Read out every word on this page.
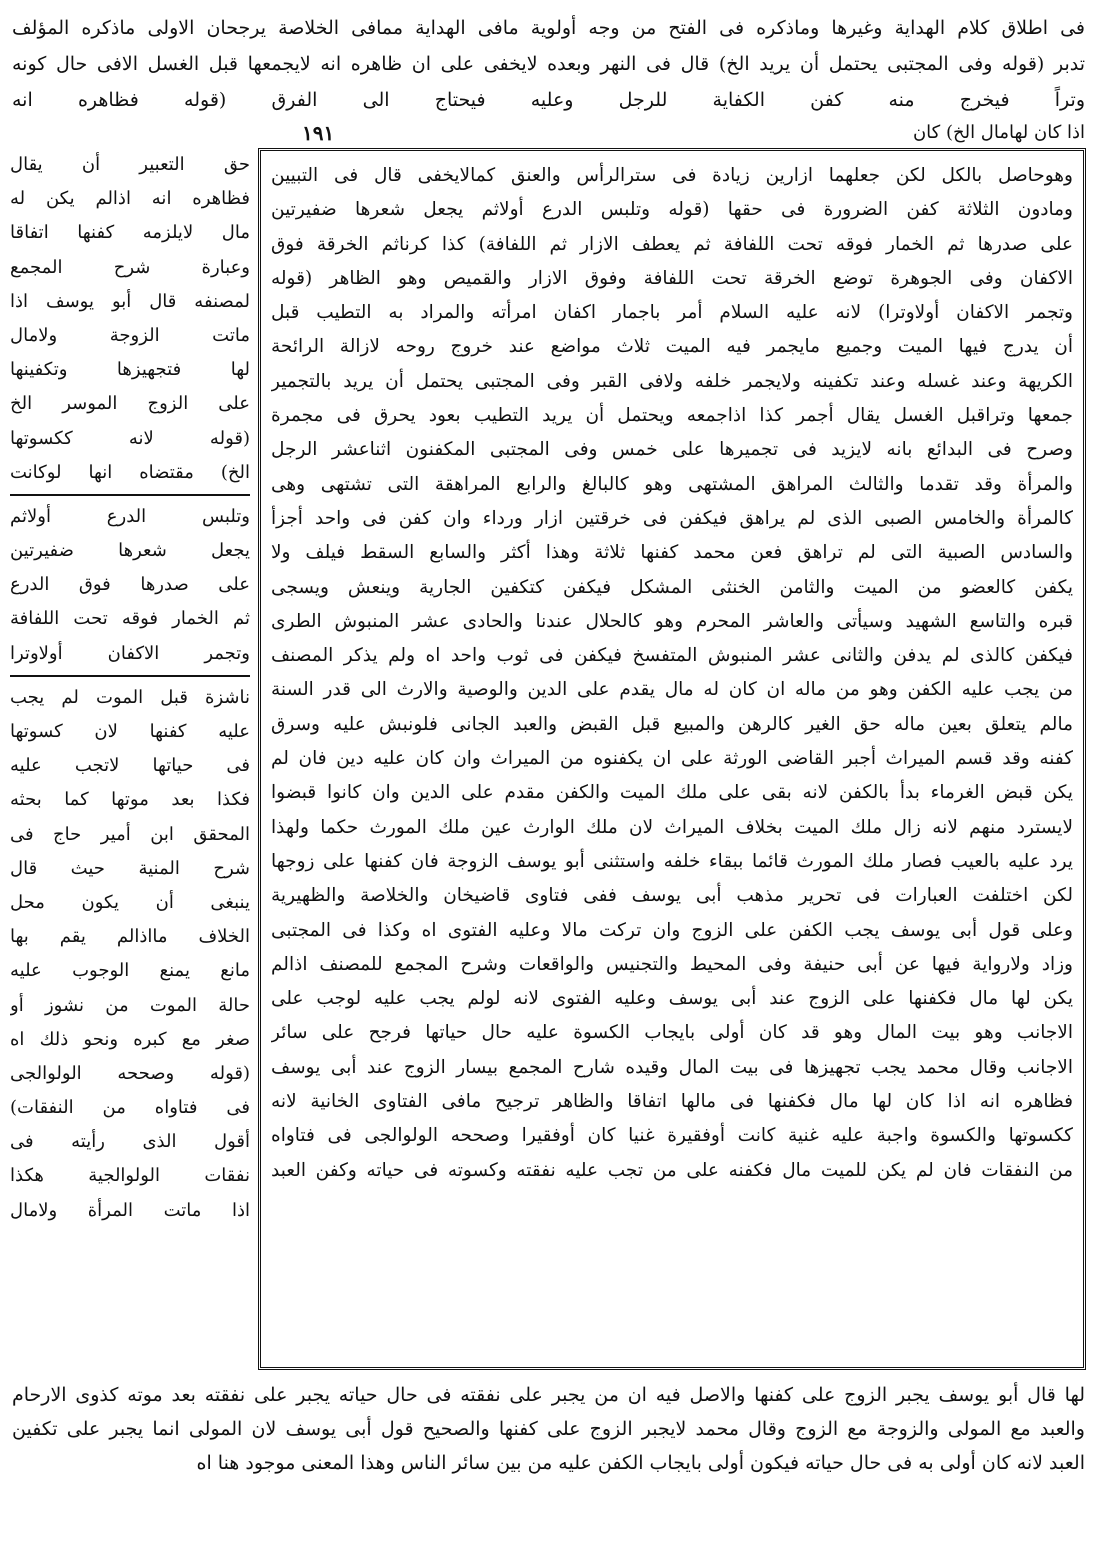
فى اطلاق كلام الهداية وغيرها وماذكره فى الفتح من وجه أولوية مافى الهداية ممافى الخلاصة يرجحان الاولى ماذكره المؤلف
تدبر (قوله وفى المجتبى يحتمل أن يريد الخ) قال فى النهر وبعده لايخفى على ان ظاهره انه لايجمعها قبل الغسل الافى حال كونه
وتراً فيخرج منه كفن الكفاية للرجل وعليه فيحتاج الى الفرق (قوله فظاهره انه
اذا كان لهامال الخ) كان
١٩١
وهوحاصل بالكل لكن جعلهما ازارين زيادة فى سترالرأس والعنق كمالايخفى قال فى التبيين
ومادون الثلاثة كفن الضرورة فى حقها (قوله وتلبس الدرع أولاثم يجعل شعرها ضفيرتين
على صدرها ثم الخمار فوقه تحت اللفافة ثم يعطف الازار ثم اللفافة) كذا كرناثم الخرقة فوق
الاكفان وفى الجوهرة توضع الخرقة تحت اللفافة وفوق الازار والقميص وهو الظاهر (قوله
وتجمر الاكفان أولاوترا) لانه عليه السلام أمر باجمار اكفان امرأته والمراد به التطيب قبل
أن يدرج فيها الميت وجميع مايجمر فيه الميت ثلاث مواضع عند خروج روحه لازالة الرائحة
الكريهة وعند غسله وعند تكفينه ولايجمر خلفه ولافى القبر وفى المجتبى يحتمل أن يريد بالتجمير
جمعها وتراقبل الغسل يقال أجمر كذا اذاجمعه ويحتمل أن يريد التطيب بعود يحرق فى مجمرة
وصرح فى البدائع بانه لايزيد فى تجميرها على خمس وفى المجتبى المكفنون اثناعشر الرجل
والمرأة وقد تقدما والثالث المراهق المشتهى وهو كالبالغ والرابع المراهقة التى تشتهى وهى
كالمرأة والخامس الصبى الذى لم يراهق فيكفن فى خرقتين ازار ورداء وان كفن فى واحد أجزأ
والسادس الصبية التى لم تراهق فعن محمد كفنها ثلاثة وهذا أكثر والسابع السقط فيلف ولا
يكفن كالعضو من الميت والثامن الخنثى المشكل فيكفن كتكفين الجارية وينعش ويسجى
قبره والتاسع الشهيد وسيأتى والعاشر المحرم وهو كالحلال عندنا والحادى عشر المنبوش الطرى
فيكفن كالذى لم يدفن والثانى عشر المنبوش المتفسخ فيكفن فى ثوب واحد اه ولم يذكر المصنف
من يجب عليه الكفن وهو من ماله ان كان له مال يقدم على الدين والوصية والارث الى قدر السنة
مالم يتعلق بعين ماله حق الغير كالرهن والمبيع قبل القبض والعبد الجانى فلونبش عليه وسرق
كفنه وقد قسم الميراث أجبر القاضى الورثة على ان يكفنوه من الميراث وان كان عليه دين فان لم
يكن قبض الغرماء بدأ بالكفن لانه بقى على ملك الميت والكفن مقدم على الدين وان كانوا قبضوا
لايسترد منهم لانه زال ملك الميت بخلاف الميراث لان ملك الوارث عين ملك المورث حكما ولهذا
يرد عليه بالعيب فصار ملك المورث قائما ببقاء خلفه واستثنى أبو يوسف الزوجة فان كفنها على زوجها
لكن اختلفت العبارات فى تحرير مذهب أبى يوسف ففى فتاوى قاضيخان والخلاصة والظهيرية
وعلى قول أبى يوسف يجب الكفن على الزوج وان تركت مالا وعليه الفتوى اه وكذا فى المجتبى
وزاد ولارواية فيها عن أبى حنيفة وفى المحيط والتجنيس والواقعات وشرح المجمع للمصنف اذالم
يكن لها مال فكفنها على الزوج عند أبى يوسف وعليه الفتوى لانه لولم يجب عليه لوجب على
الاجانب وهو بيت المال وهو قد كان أولى بايجاب الكسوة عليه حال حياتها فرجح على سائر
الاجانب وقال محمد يجب تجهيزها فى بيت المال وقيده شارح المجمع بيسار الزوج عند أبى يوسف
فظاهره انه اذا كان لها مال فكفنها فى مالها اتفاقا والظاهر ترجيح مافى الفتاوى الخانية لانه
ككسوتها والكسوة واجبة عليه غنية كانت أوفقيرة غنيا كان أوفقيرا وصححه الولوالجى فى فتاواه
من النفقات فان لم يكن للميت مال فكفنه على من تجب عليه نفقته وكسوته فى حياته وكفن العبد
حق التعبير أن يقال
فظاهره انه اذالم يكن له
مال لايلزمه كفنها اتفاقا
وعبارة شرح المجمع
لمصنفه قال أبو يوسف اذا
ماتت الزوجة ولامال
لها فتجهيزها وتكفينها
على الزوج الموسر الخ
(قوله لانه ككسوتها
الخ) مقتضاه انها لوكانت
وتلبس الدرع أولاثم
يجعل شعرها ضفيرتين
على صدرها فوق الدرع
ثم الخمار فوقه تحت اللفافة
وتجمر الاكفان أولاوترا
ناشزة قبل الموت لم يجب
عليه كفنها لان كسوتها
فى حياتها لاتجب عليه
فكذا بعد موتها كما بحثه
المحقق ابن أمير حاج فى
شرح المنية حيث قال
ينبغى أن يكون محل
الخلاف مااذالم يقم بها
مانع يمنع الوجوب عليه
حالة الموت من نشوز أو
صغر مع كبره ونحو ذلك اه
(قوله وصححه الولوالجى
فى فتاواه من النفقات)
أقول الذى رأيته فى
نفقات الولوالجية هكذا
اذا ماتت المرأة ولامال
لها قال أبو يوسف يجبر الزوج على كفنها والاصل فيه ان من يجبر على نفقته فى حال حياته يجبر على نفقته بعد موته كذوى الارحام
والعبد مع المولى والزوجة مع الزوج وقال محمد لايجبر الزوج على كفنها والصحيح قول أبى يوسف لان المولى انما يجبر على تكفين
العبد لانه كان أولى به فى حال حياته فيكون أولى بايجاب الكفن عليه من بين سائر الناس وهذا المعنى موجود هنا اه
